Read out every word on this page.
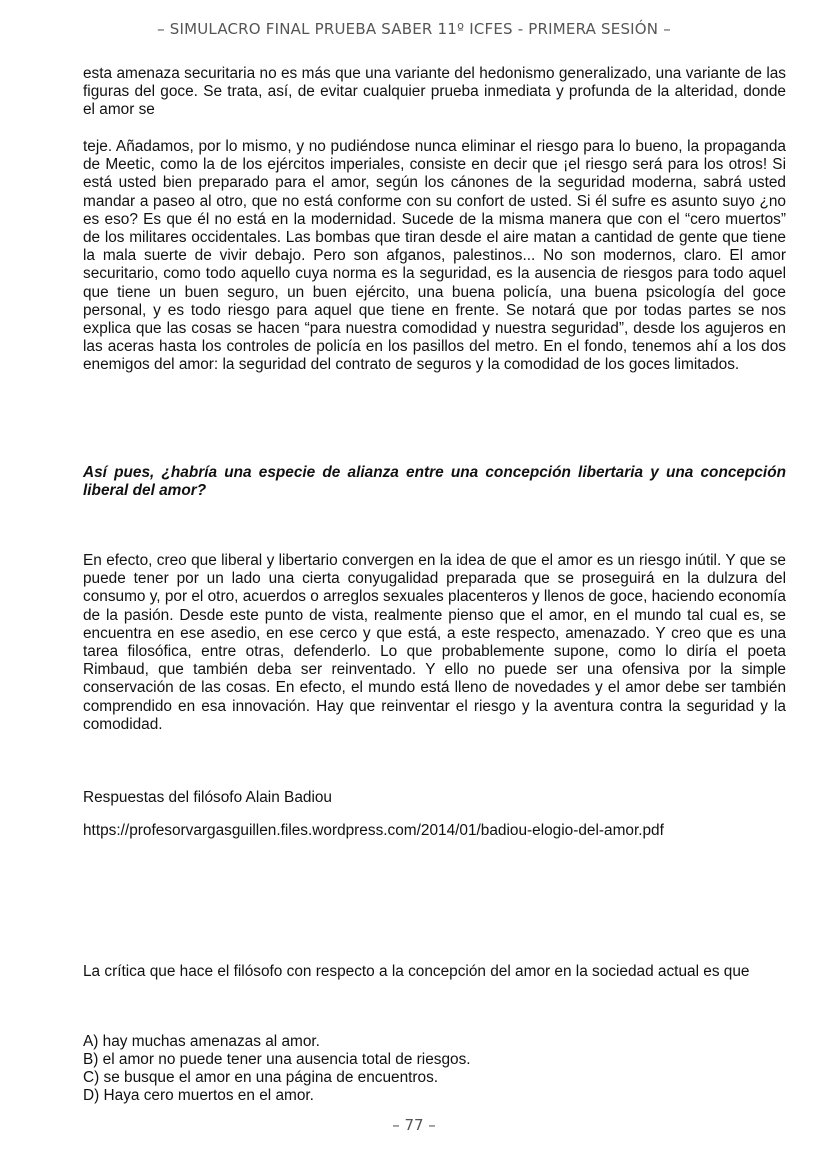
– SIMULACRO FINAL PRUEBA SABER 11º ICFES - PRIMERA SESIÓN –
esta amenaza securitaria no es más que una variante del hedonismo generalizado, una variante de las figuras del goce. Se trata, así, de evitar cualquier prueba inmediata y profunda de la alteridad, donde el amor se
teje. Añadamos, por lo mismo, y no pudiéndose nunca eliminar el riesgo para lo bueno, la propaganda de Meetic, como la de los ejércitos imperiales, consiste en decir que ¡el riesgo será para los otros! Si está usted bien preparado para el amor, según los cánones de la seguridad moderna, sabrá usted mandar a paseo al otro, que no está conforme con su confort de usted. Si él sufre es asunto suyo ¿no es eso? Es que él no está en la modernidad. Sucede de la misma manera que con el “cero muertos” de los militares occidentales. Las bombas que tiran desde el aire matan a cantidad de gente que tiene la mala suerte de vivir debajo. Pero son afganos, palestinos... No son modernos, claro. El amor securitario, como todo aquello cuya norma es la seguridad, es la ausencia de riesgos para todo aquel que tiene un buen seguro, un buen ejército, una buena policía, una buena psicología del goce personal, y es todo riesgo para aquel que tiene en frente. Se notará que por todas partes se nos explica que las cosas se hacen “para nuestra comodidad y nuestra seguridad”, desde los agujeros en las aceras hasta los controles de policía en los pasillos del metro. En el fondo, tenemos ahí a los dos enemigos del amor: la seguridad del contrato de seguros y la comodidad de los goces limitados.
Así pues, ¿habría una especie de alianza entre una concepción libertaria y una concepción liberal del amor?
En efecto, creo que liberal y libertario convergen en la idea de que el amor es un riesgo inútil. Y que se puede tener por un lado una cierta conyugalidad preparada que se proseguirá en la dulzura del consumo y, por el otro, acuerdos o arreglos sexuales placenteros y llenos de goce, haciendo economía de la pasión. Desde este punto de vista, realmente pienso que el amor, en el mundo tal cual es, se encuentra en ese asedio, en ese cerco y que está, a este respecto, amenazado. Y creo que es una tarea filosófica, entre otras, defenderlo. Lo que probablemente supone, como lo diría el poeta Rimbaud, que también deba ser reinventado. Y ello no puede ser una ofensiva por la simple conservación de las cosas. En efecto, el mundo está lleno de novedades y el amor debe ser también comprendido en esa innovación. Hay que reinventar el riesgo y la aventura contra la seguridad y la comodidad.
Respuestas del filósofo Alain Badiou
https://profesorvargasguillen.files.wordpress.com/2014/01/badiou-elogio-del-amor.pdf
La crítica que hace el filósofo con respecto a la concepción del amor en la sociedad actual es que
A) hay muchas amenazas al amor.
B) el amor no puede tener una ausencia total de riesgos.
C) se busque el amor en una página de encuentros.
D) Haya cero muertos en el amor.
– 77 –
